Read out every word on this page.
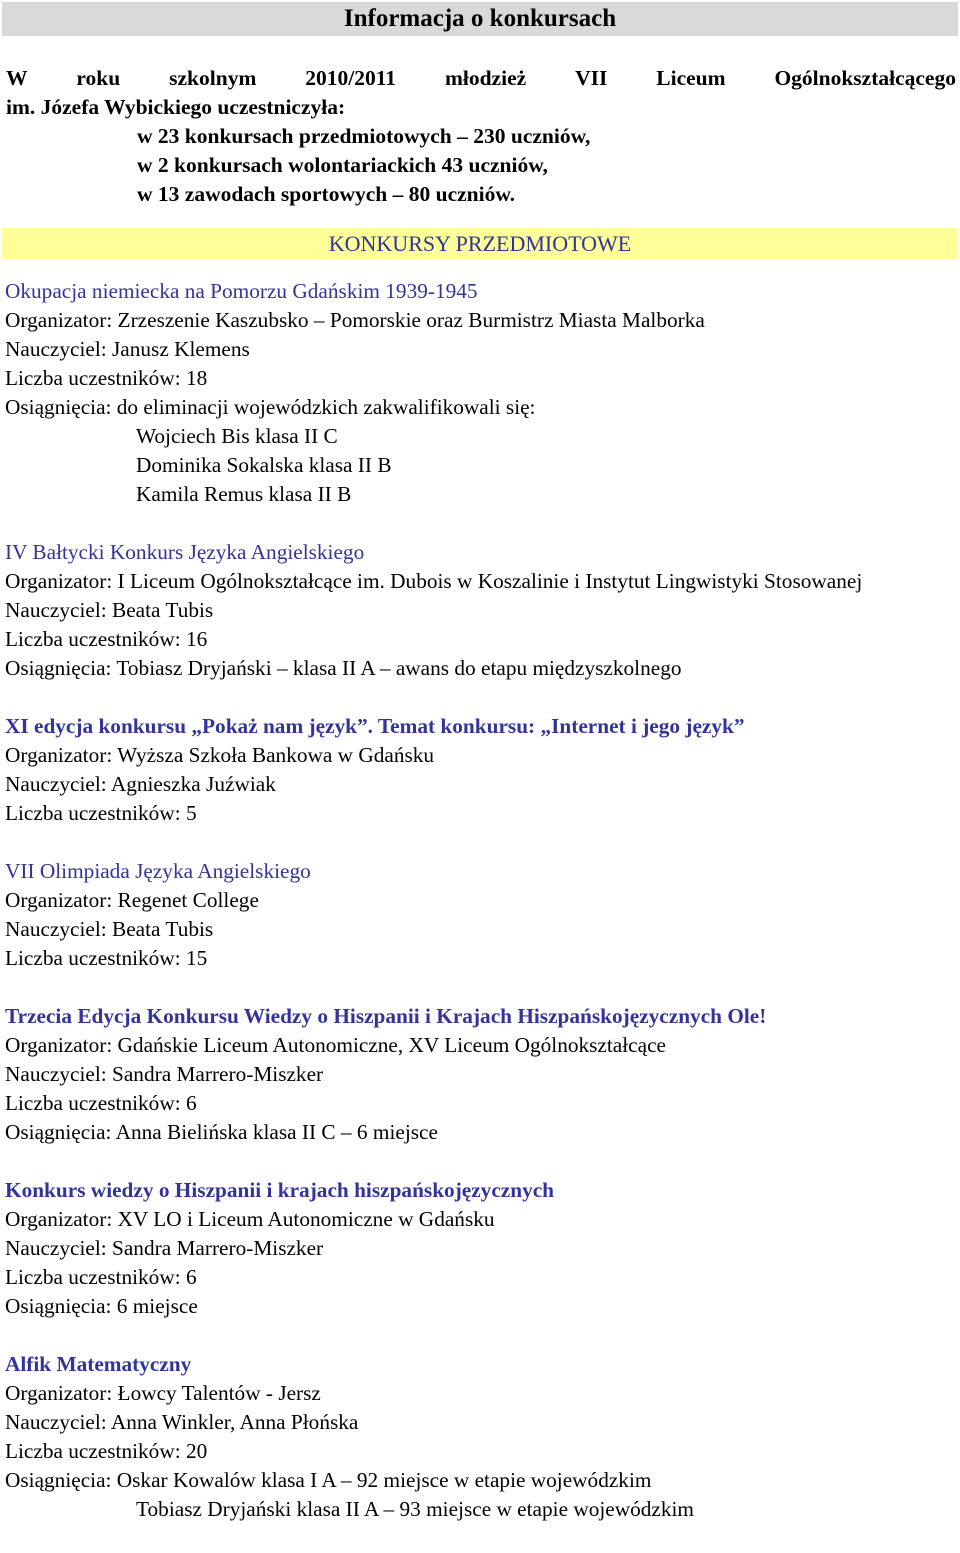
Informacja o konkursach
W roku szkolnym 2010/2011 młodzież VII Liceum Ogólnokształcącego
im. Józefa Wybickiego uczestniczyła:
w 23 konkursach przedmiotowych – 230 uczniów,
w 2 konkursach wolontariackich 43 uczniów,
w 13 zawodach sportowych – 80 uczniów.
KONKURSY PRZEDMIOTOWE
Okupacja niemiecka na Pomorzu Gdańskim 1939-1945
Organizator: Zrzeszenie Kaszubsko – Pomorskie oraz Burmistrz Miasta Malborka
Nauczyciel: Janusz Klemens
Liczba uczestników: 18
Osiągnięcia: do eliminacji wojewódzkich zakwalifikowali się:
Wojciech Bis klasa II C
Dominika Sokalska klasa II B
Kamila Remus klasa II B
IV Bałtycki Konkurs Języka Angielskiego
Organizator: I Liceum Ogólnokształcące im. Dubois w Koszalinie i Instytut Lingwistyki Stosowanej
Nauczyciel: Beata Tubis
Liczba uczestników: 16
Osiągnięcia: Tobiasz Dryjański – klasa II A – awans do etapu międzyszkolnego
XI edycja konkursu „Pokaż nam język”. Temat konkursu: „Internet i jego język”
Organizator: Wyższa Szkoła Bankowa w Gdańsku
Nauczyciel: Agnieszka Juźwiak
Liczba uczestników: 5
VII Olimpiada Języka Angielskiego
Organizator: Regenet College
Nauczyciel: Beata Tubis
Liczba uczestników: 15
Trzecia Edycja Konkursu Wiedzy o Hiszpanii i Krajach Hiszpańskojęzycznych Ole!
Organizator: Gdańskie Liceum Autonomiczne, XV Liceum Ogólnokształcące
Nauczyciel: Sandra Marrero-Miszker
Liczba uczestników: 6
Osiągnięcia: Anna Bielińska klasa II C – 6 miejsce
Konkurs wiedzy o Hiszpanii i krajach hiszpańskojęzycznych
Organizator: XV LO i Liceum Autonomiczne w Gdańsku
Nauczyciel: Sandra Marrero-Miszker
Liczba uczestników: 6
Osiągnięcia: 6 miejsce
Alfik Matematyczny
Organizator: Łowcy Talentów - Jersz
Nauczyciel: Anna Winkler, Anna Płońska
Liczba uczestników: 20
Osiągnięcia: Oskar Kowalów klasa I A – 92 miejsce w etapie wojewódzkim
Tobiasz Dryjański klasa II A – 93 miejsce w etapie wojewódzkim
